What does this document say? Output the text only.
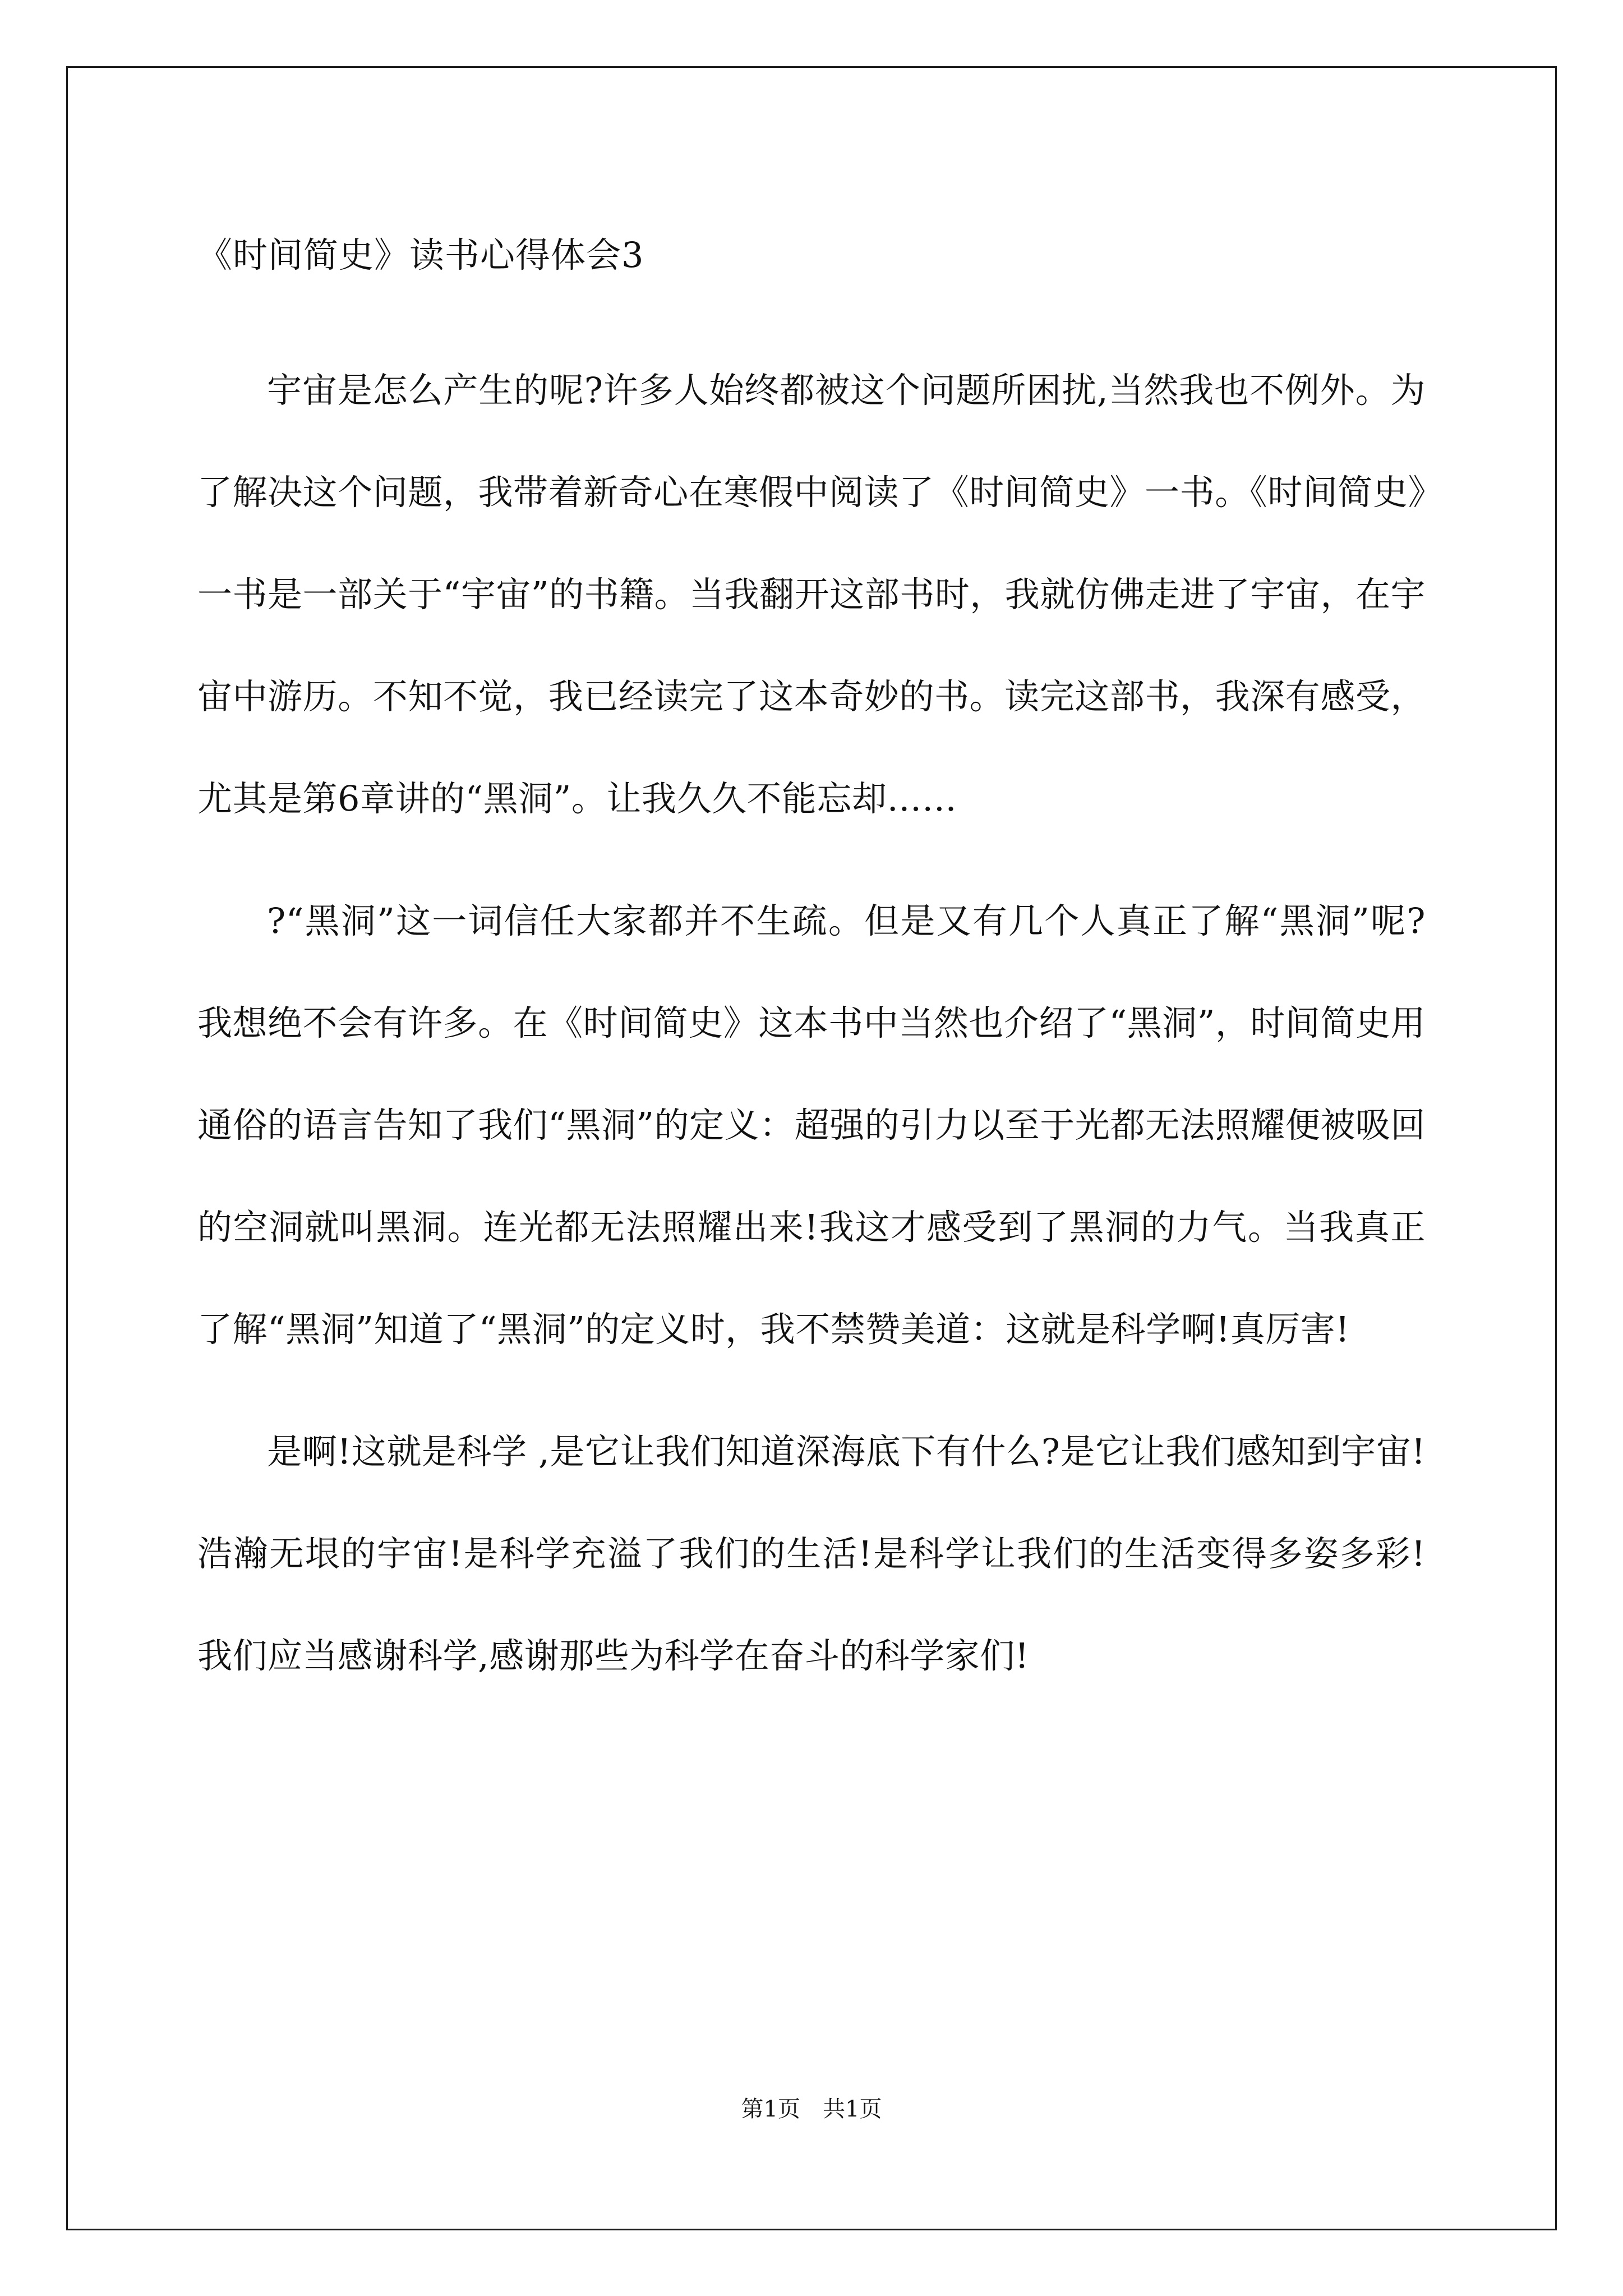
《时间简史》读书心得体会3

宇宙是怎么产生的呢?许多人始终都被这个问题所困扰,当然我也不例外。为了解决这个问题，我带着新奇心在寒假中阅读了《时间简史》一书。《时间简史》一书是一部关于“宇宙”的书籍。当我翻开这部书时，我就仿佛走进了宇宙，在宇宙中游历。不知不觉，我已经读完了这本奇妙的书。读完这部书，我深有感受，尤其是第6章讲的“黑洞”。让我久久不能忘却……

?“黑洞”这一词信任大家都并不生疏。但是又有几个人真正了解“黑洞”呢?我想绝不会有许多。在《时间简史》这本书中当然也介绍了“黑洞”，时间简史用通俗的语言告知了我们“黑洞”的定义：超强的引力以至于光都无法照耀便被吸回的空洞就叫黑洞。连光都无法照耀出来!我这才感受到了黑洞的力气。当我真正了解“黑洞”知道了“黑洞”的定义时，我不禁赞美道：这就是科学啊!真厉害!

是啊!这就是科学 ,是它让我们知道深海底下有什么?是它让我们感知到宇宙!浩瀚无垠的宇宙!是科学充溢了我们的生活!是科学让我们的生活变得多姿多彩!我们应当感谢科学,感谢那些为科学在奋斗的科学家们!

第1页 共1页
